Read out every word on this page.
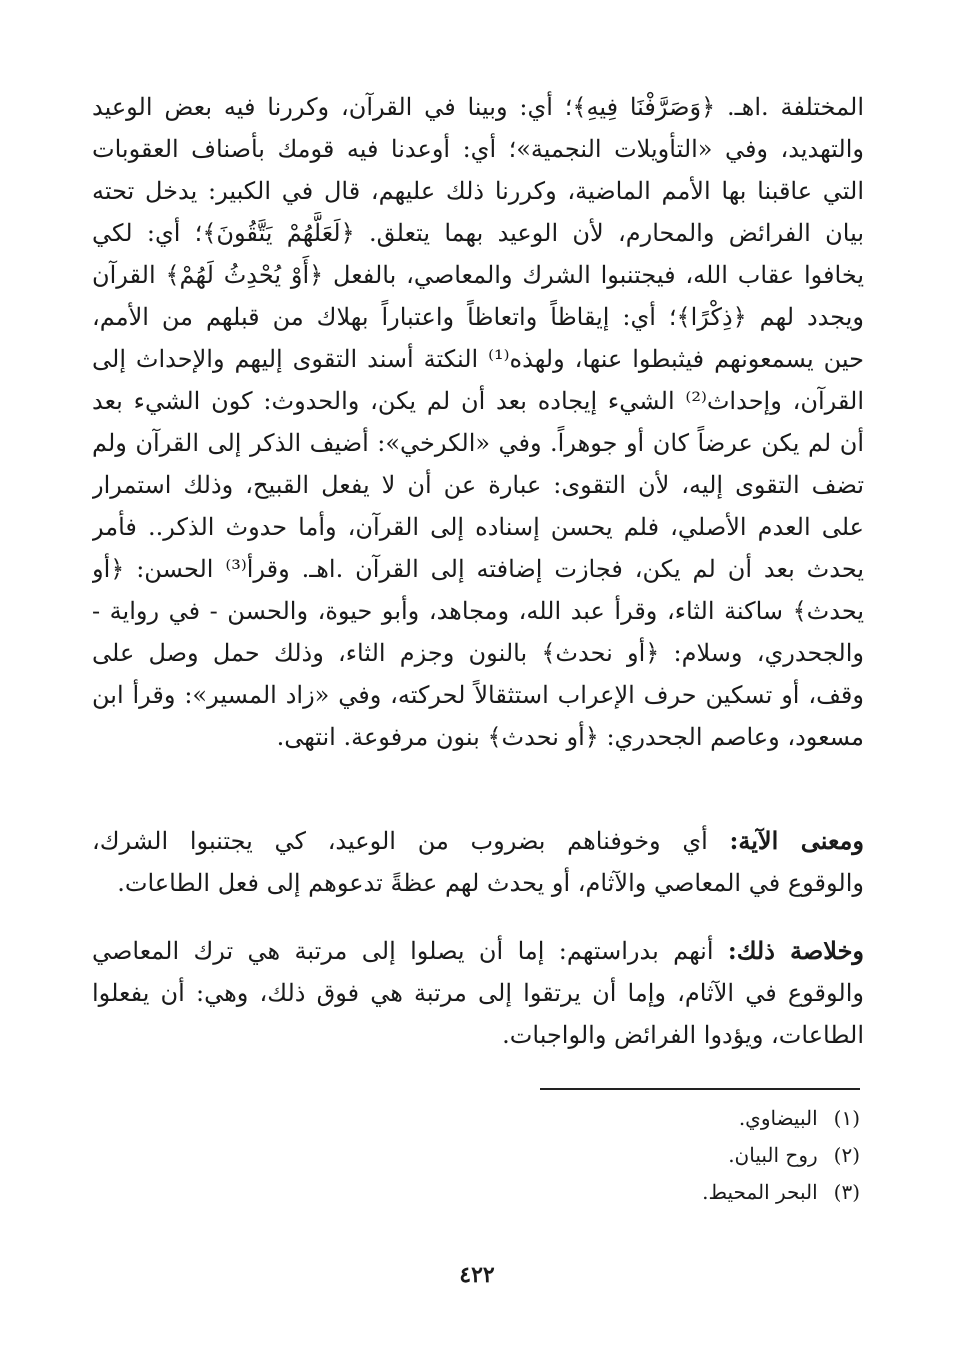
المختلفة .اهـ. ﴿وَصَرَّفْنَا فِيهِ﴾؛ أي: وبينا في القرآن، وكررنا فيه بعض الوعيد
والتهديد، وفي «التأويلات النجمية»؛ أي: أوعدنا فيه قومك بأصناف العقوبات
التي عاقبنا بها الأمم الماضية، وكررنا ذلك عليهم، قال في الكبير: يدخل تحته
بيان الفرائض والمحارم، لأن الوعيد بهما يتعلق. ﴿لَعَلَّهُمْ يَتَّقُونَ﴾؛ أي: لكي
يخافوا عقاب الله، فيجتنبوا الشرك والمعاصي، بالفعل ﴿أَوْ يُحْدِثُ لَهُمْ﴾ القرآن
ويجدد لهم ﴿ذِكْرًا﴾؛ أي: إيقاظاً واتعاظاً واعتباراً بهلاك من قبلهم من الأمم،
حين يسمعونهم فيثبطوا عنها، ولهذه⁽¹⁾ النكتة أسند التقوى إليهم والإحداث إلى
القرآن، وإحداث⁽²⁾ الشيء إيجاده بعد أن لم يكن، والحدوث: كون الشيء بعد
أن لم يكن عرضاً كان أو جوهراً. وفي «الكرخي»: أضيف الذكر إلى القرآن ولم
تضف التقوى إليه، لأن التقوى: عبارة عن أن لا يفعل القبيح، وذلك استمرار
على العدم الأصلي، فلم يحسن إسناده إلى القرآن، وأما حدوث الذكر.. فأمر
يحدث بعد أن لم يكن، فجازت إضافته إلى القرآن .اهـ. وقرأ⁽³⁾ الحسن: ﴿أو
يحدث﴾ ساكنة الثاء، وقرأ عبد الله، ومجاهد، وأبو حيوة، والحسن - في رواية -
والجحدري، وسلام: ﴿أو نحدث﴾ بالنون وجزم الثاء، وذلك حمل وصل على
وقف، أو تسكين حرف الإعراب استثقالاً لحركته، وفي «زاد المسير»: وقرأ ابن
مسعود، وعاصم الجحدري: ﴿أو نحدث﴾ بنون مرفوعة. انتهى.
ومعنى الآية: أي وخوفناهم بضروب من الوعيد، كي يجتنبوا الشرك،
والوقوع في المعاصي والآثام، أو يحدث لهم عظةً تدعوهم إلى فعل الطاعات.
وخلاصة ذلك: أنهم بدراستهم: إما أن يصلوا إلى مرتبة هي ترك المعاصي
والوقوع في الآثام، وإما أن يرتقوا إلى مرتبة هي فوق ذلك، وهي: أن يفعلوا
الطاعات، ويؤدوا الفرائض والواجبات.
(١) البيضاوي.
(٢) روح البيان.
(٣) البحر المحيط.
٤٢٢
